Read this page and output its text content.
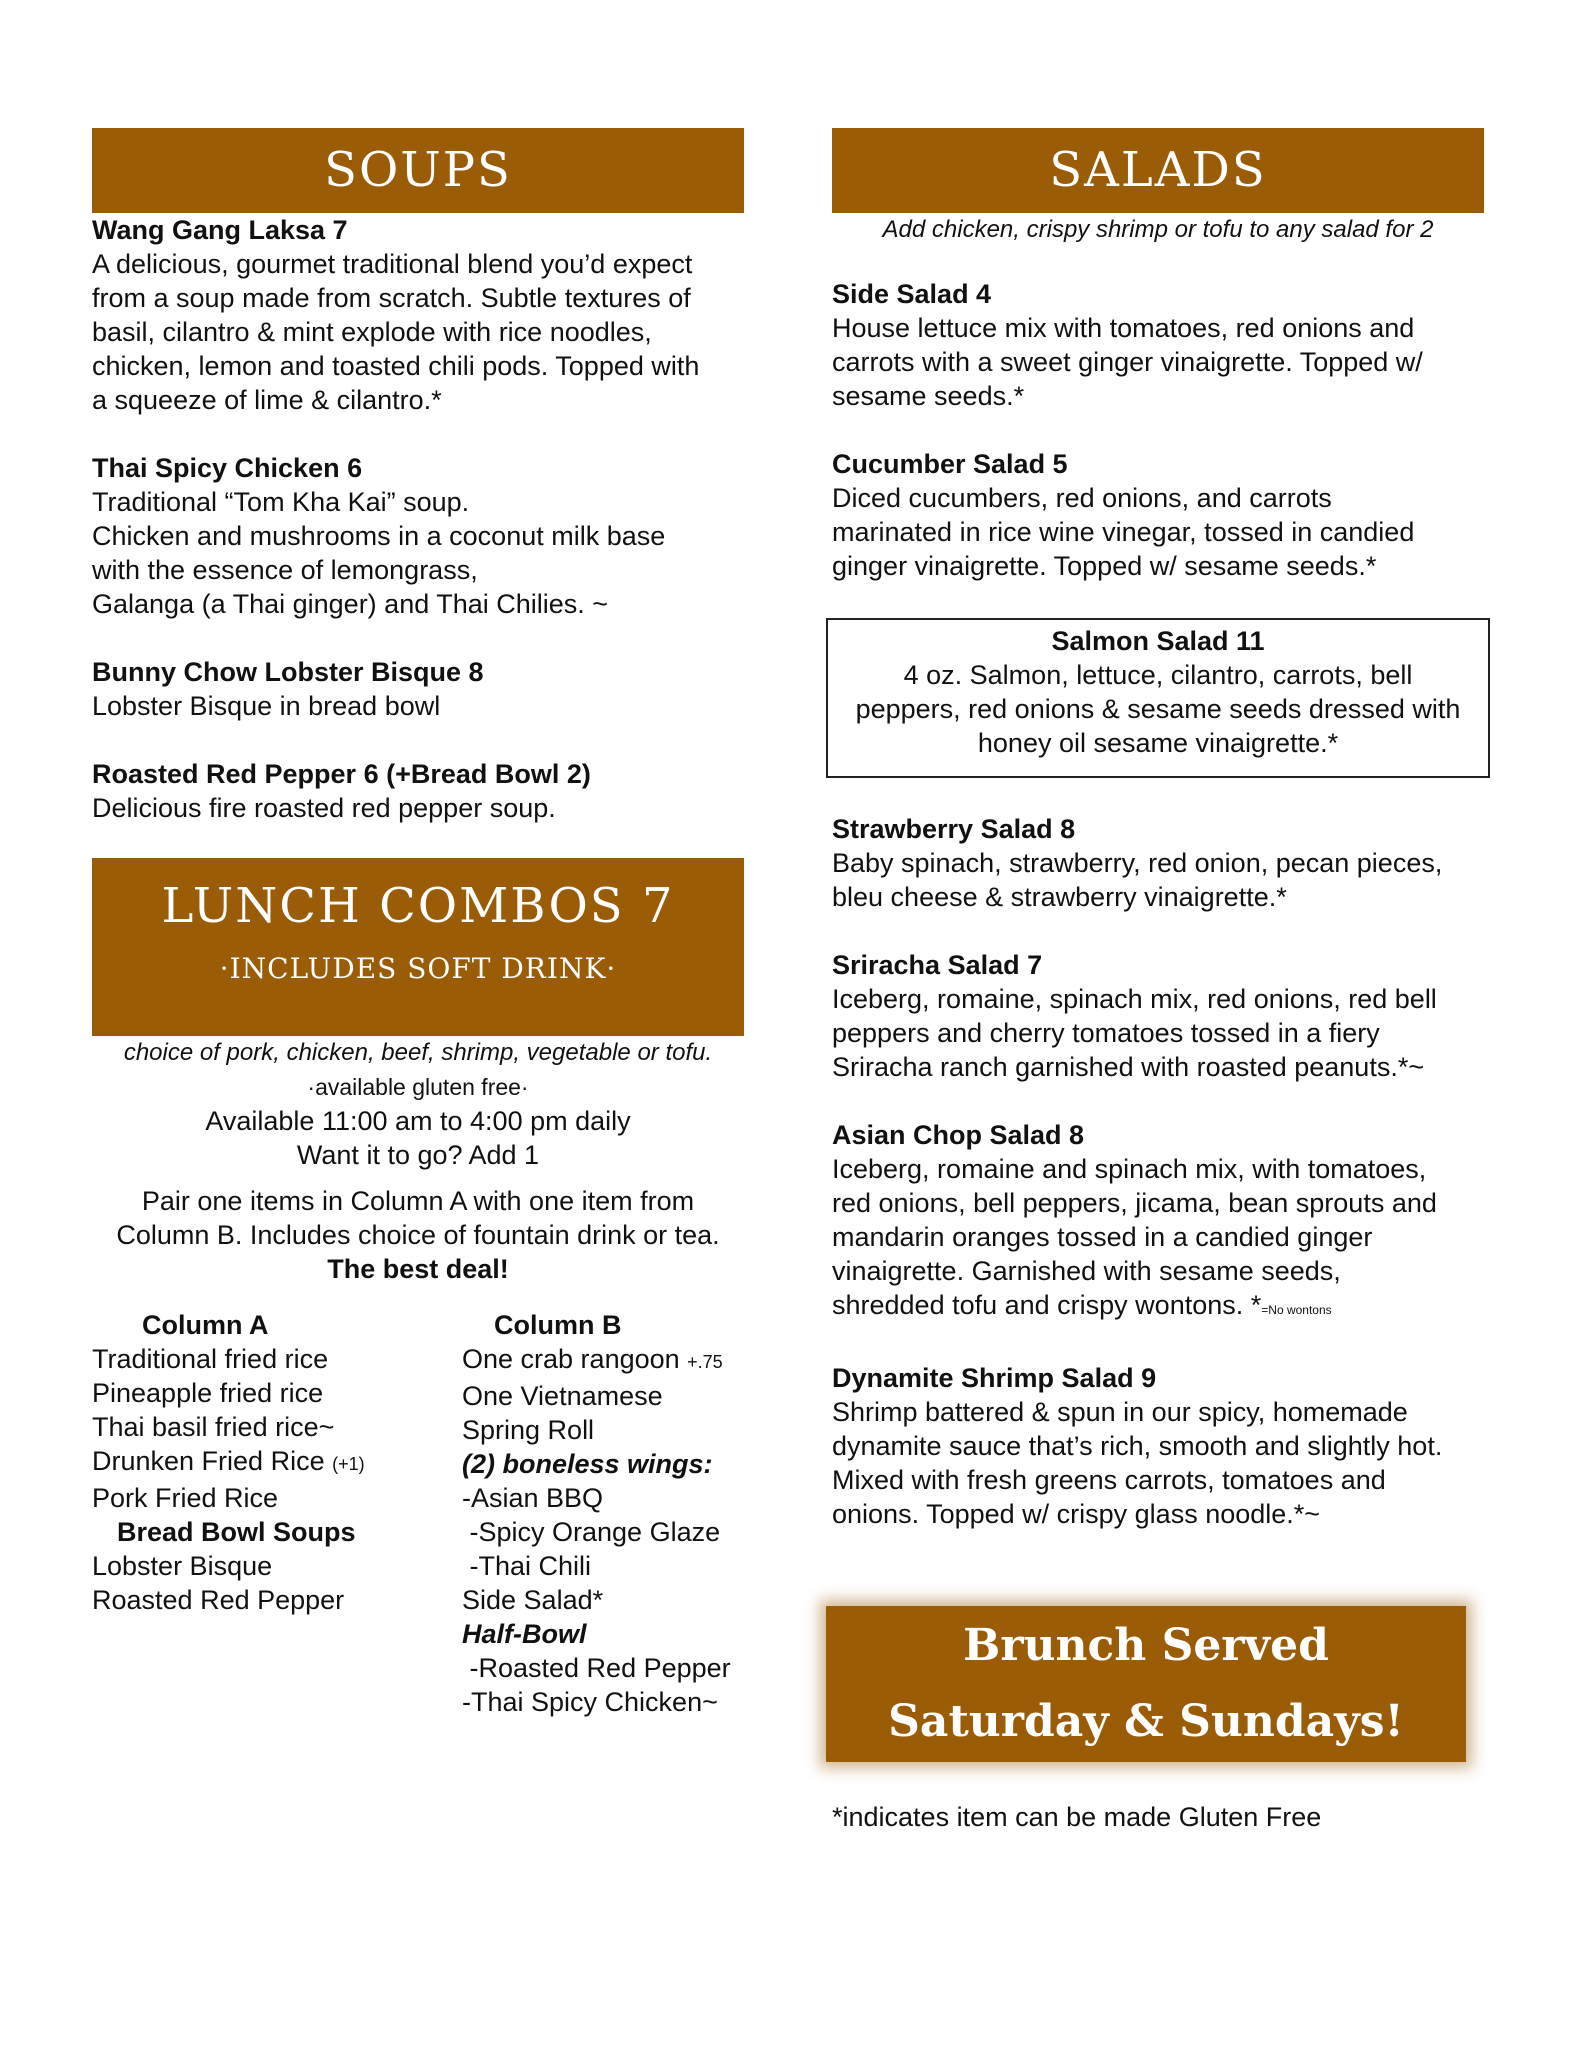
SOUPS
Wang Gang Laksa 7
A delicious, gourmet traditional blend you’d expect
from a soup made from scratch. Subtle textures of
basil, cilantro & mint explode with rice noodles,
chicken, lemon and toasted chili pods. Topped with
a squeeze of lime & cilantro.*
Thai Spicy Chicken 6
Traditional “Tom Kha Kai” soup.
Chicken and mushrooms in a coconut milk base
with the essence of lemongrass,
Galanga (a Thai ginger) and Thai Chilies. ~
Bunny Chow Lobster Bisque 8
Lobster Bisque in bread bowl
Roasted Red Pepper 6 (+Bread Bowl 2)
Delicious fire roasted red pepper soup.
LUNCH COMBOS 7
·INCLUDES SOFT DRINK·
choice of pork, chicken, beef, shrimp, vegetable or tofu.
·available gluten free·
Available 11:00 am to 4:00 pm daily
Want it to go? Add 1
Pair one items in Column A with one item from
Column B. Includes choice of fountain drink or tea.
The best deal!
Column A
Traditional fried rice
Pineapple fried rice
Thai basil fried rice~
Drunken Fried Rice (+1)
Pork Fried Rice
Bread Bowl Soups
Lobster Bisque
Roasted Red Pepper
Column B
One crab rangoon +.75
One Vietnamese
Spring Roll
(2) boneless wings:
-Asian BBQ
-Spicy Orange Glaze
-Thai Chili
Side Salad*
Half-Bowl
-Roasted Red Pepper
-Thai Spicy Chicken~
SALADS
Add chicken, crispy shrimp or tofu to any salad for 2
Side Salad 4
House lettuce mix with tomatoes, red onions and
carrots with a sweet ginger vinaigrette. Topped w/
sesame seeds.*
Cucumber Salad 5
Diced cucumbers, red onions, and carrots
marinated in rice wine vinegar, tossed in candied
ginger vinaigrette. Topped w/ sesame seeds.*
Salmon Salad 11
4 oz. Salmon, lettuce, cilantro, carrots, bell
peppers, red onions & sesame seeds dressed with
honey oil sesame vinaigrette.*
Strawberry Salad 8
Baby spinach, strawberry, red onion, pecan pieces,
bleu cheese & strawberry vinaigrette.*
Sriracha Salad 7
Iceberg, romaine, spinach mix, red onions, red bell
peppers and cherry tomatoes tossed in a fiery
Sriracha ranch garnished with roasted peanuts.*~
Asian Chop Salad 8
Iceberg, romaine and spinach mix, with tomatoes,
red onions, bell peppers, jicama, bean sprouts and
mandarin oranges tossed in a candied ginger
vinaigrette. Garnished with sesame seeds,
shredded tofu and crispy wontons. *=No wontons
Dynamite Shrimp Salad 9
Shrimp battered & spun in our spicy, homemade
dynamite sauce that’s rich, smooth and slightly hot.
Mixed with fresh greens carrots, tomatoes and
onions. Topped w/ crispy glass noodle.*~
Brunch Served
Saturday & Sundays!
*indicates item can be made Gluten Free
